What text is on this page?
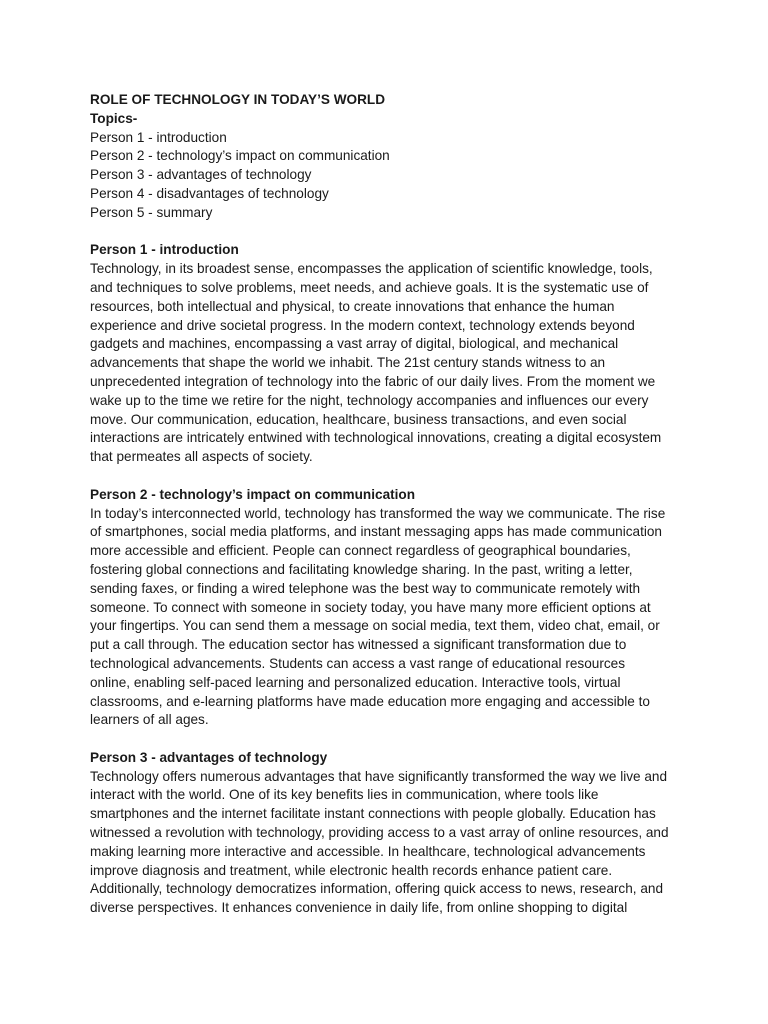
ROLE OF TECHNOLOGY IN TODAY’S WORLD
Topics-
Person 1 - introduction
Person 2 - technology’s impact on communication
Person 3 - advantages of technology
Person 4 - disadvantages of technology
Person 5 - summary
Person 1 - introduction
Technology, in its broadest sense, encompasses the application of scientific knowledge, tools,
and techniques to solve problems, meet needs, and achieve goals. It is the systematic use of
resources, both intellectual and physical, to create innovations that enhance the human
experience and drive societal progress. In the modern context, technology extends beyond
gadgets and machines, encompassing a vast array of digital, biological, and mechanical
advancements that shape the world we inhabit. The 21st century stands witness to an
unprecedented integration of technology into the fabric of our daily lives. From the moment we
wake up to the time we retire for the night, technology accompanies and influences our every
move. Our communication, education, healthcare, business transactions, and even social
interactions are intricately entwined with technological innovations, creating a digital ecosystem
that permeates all aspects of society.
Person 2 - technology’s impact on communication
In today’s interconnected world, technology has transformed the way we communicate. The rise
of smartphones, social media platforms, and instant messaging apps has made communication
more accessible and efficient. People can connect regardless of geographical boundaries,
fostering global connections and facilitating knowledge sharing. In the past, writing a letter,
sending faxes, or finding a wired telephone was the best way to communicate remotely with
someone. To connect with someone in society today, you have many more efficient options at
your fingertips. You can send them a message on social media, text them, video chat, email, or
put a call through. The education sector has witnessed a significant transformation due to
technological advancements. Students can access a vast range of educational resources
online, enabling self-paced learning and personalized education. Interactive tools, virtual
classrooms, and e-learning platforms have made education more engaging and accessible to
learners of all ages.
Person 3 - advantages of technology
Technology offers numerous advantages that have significantly transformed the way we live and
interact with the world. One of its key benefits lies in communication, where tools like
smartphones and the internet facilitate instant connections with people globally. Education has
witnessed a revolution with technology, providing access to a vast array of online resources, and
making learning more interactive and accessible. In healthcare, technological advancements
improve diagnosis and treatment, while electronic health records enhance patient care.
Additionally, technology democratizes information, offering quick access to news, research, and
diverse perspectives. It enhances convenience in daily life, from online shopping to digital
